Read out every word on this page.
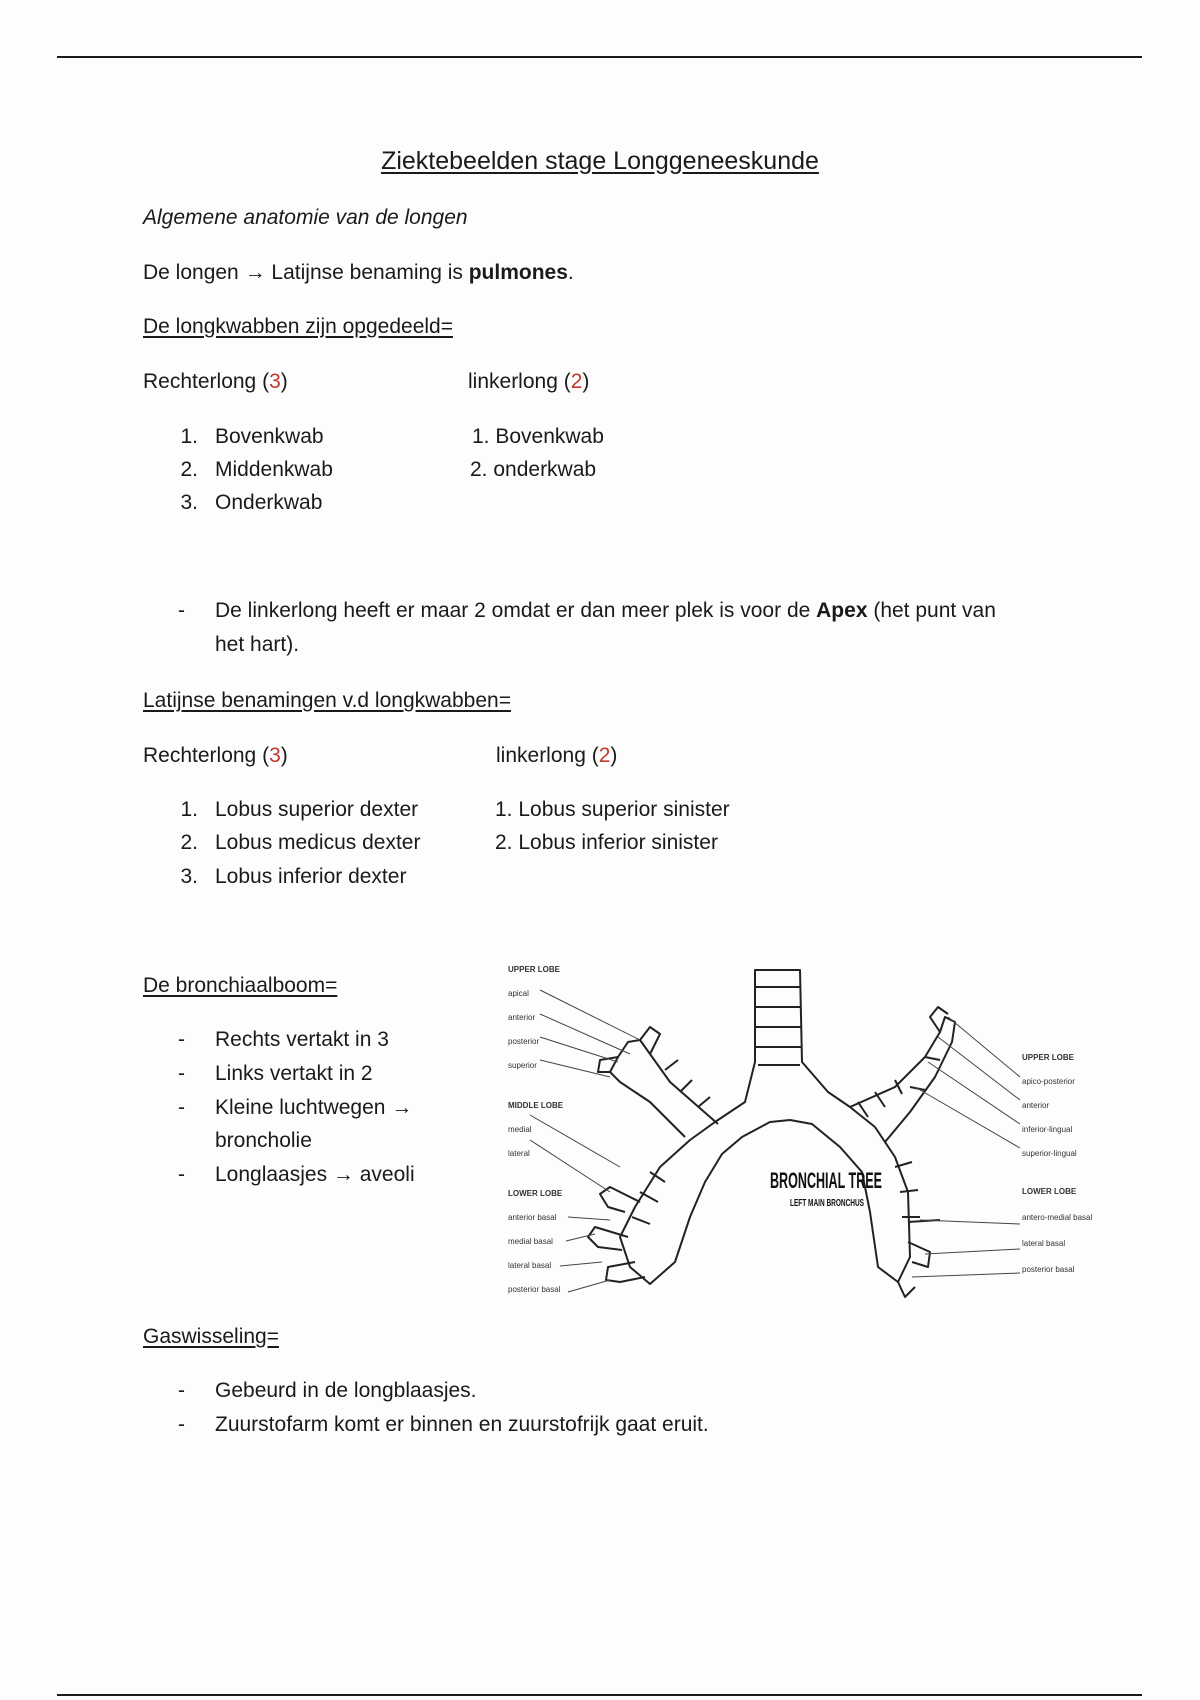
Ziektebeelden stage Longgeneeskunde
Algemene anatomie van de longen
De longen → Latijnse benaming is pulmones.
De longkwabben zijn opgedeeld=
Rechterlong (3)	linkerlong (2)
1. Bovenkwab
2. Middenkwab
3. Onderkwab
1. Bovenkwab
2. onderkwab
- De linkerlong heeft er maar 2 omdat er dan meer plek is voor de Apex (het punt van
het hart).
Latijnse benamingen v.d longkwabben=
Rechterlong (3)	linkerlong (2)
1. Lobus superior dexter
2. Lobus medicus dexter
3. Lobus inferior dexter
1. Lobus superior sinister
2. Lobus inferior sinister
De bronchiaalboom=
- Rechts vertakt in 3
- Links vertakt in 2
- Kleine luchtwegen →
broncholie
- Longlaasjes → aveoli
UPPER LOBE
apical
anterior
posterior
superior
MIDDLE LOBE
medial
lateral
LOWER LOBE
anterior basal
medial basal
lateral basal
posterior basal
UPPER LOBE
apico-posterior
anterior
inferior-lingual
superior-lingual
LOWER LOBE
antero-medial basal
lateral basal
posterior basal
BRONCHIAL TREE
LEFT MAIN BRONCHUS
Gaswisseling=
- Gebeurd in de longblaasjes.
- Zuurstofarm komt er binnen en zuurstofrijk gaat eruit.
